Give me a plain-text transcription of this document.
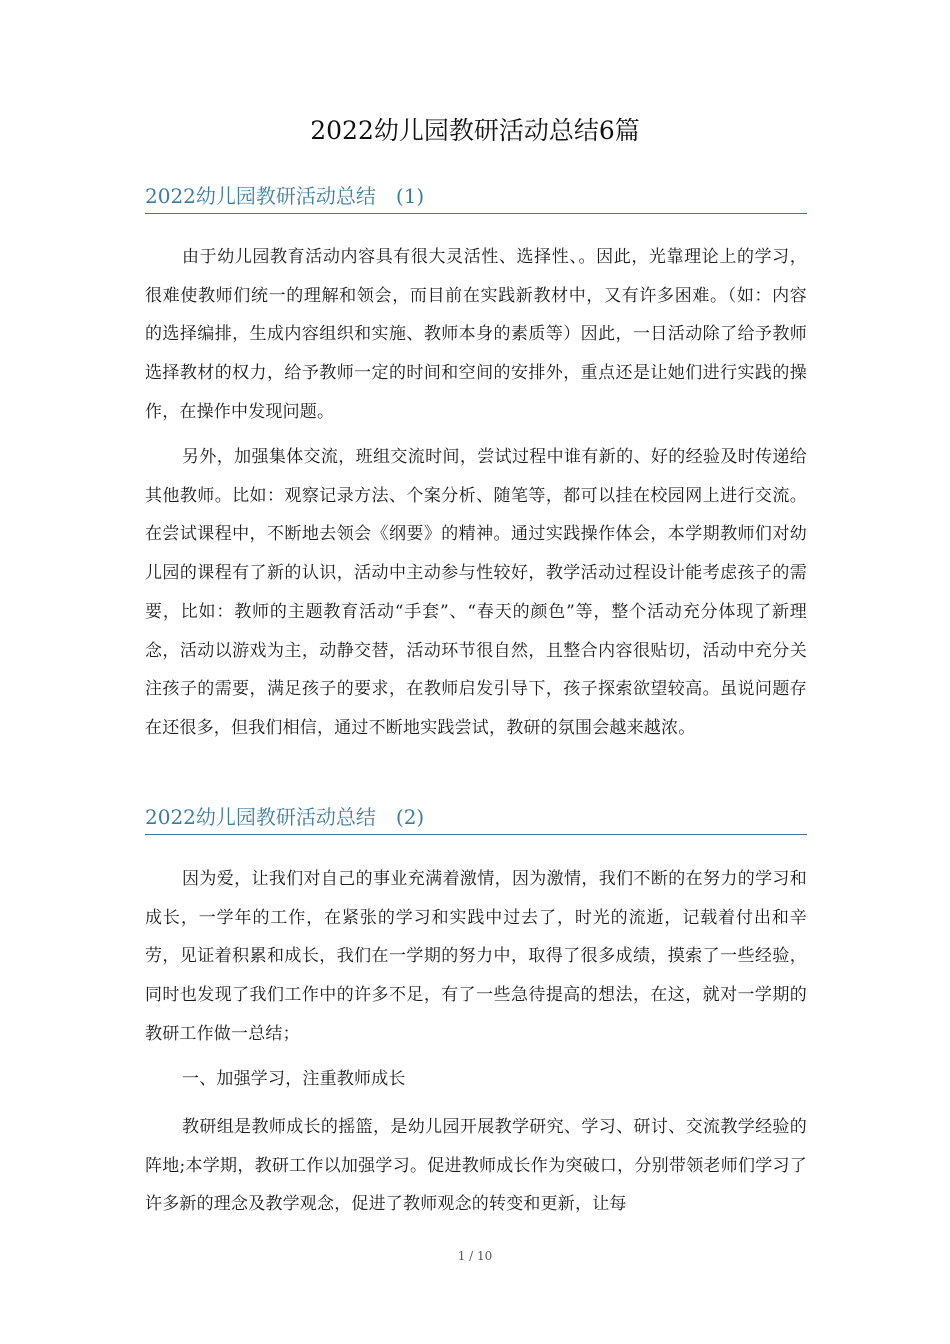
2022幼儿园教研活动总结6篇
2022幼儿园教研活动总结　(1)

由于幼儿园教育活动内容具有很大灵活性、选择性、。因此，光靠理论上的学习，很难使教师们统一的理解和领会，而目前在实践新教材中，又有许多困难。（如：内容的选择编排，生成内容组织和实施、教师本身的素质等）因此，一日活动除了给予教师选择教材的权力，给予教师一定的时间和空间的安排外，重点还是让她们进行实践的操作，在操作中发现问题。

另外，加强集体交流，班组交流时间，尝试过程中谁有新的、好的经验及时传递给其他教师。比如：观察记录方法、个案分析、随笔等，都可以挂在校园网上进行交流。在尝试课程中，不断地去领会《纲要》的精神。通过实践操作体会，本学期教师们对幼儿园的课程有了新的认识，活动中主动参与性较好，教学活动过程设计能考虑孩子的需要，比如：教师的主题教育活动“手套”、“春天的颜色”等，整个活动充分体现了新理念，活动以游戏为主，动静交替，活动环节很自然，且整合内容很贴切，活动中充分关注孩子的需要，满足孩子的要求，在教师启发引导下，孩子探索欲望较高。虽说问题存在还很多，但我们相信，通过不断地实践尝试，教研的氛围会越来越浓。

2022幼儿园教研活动总结　(2)

因为爱，让我们对自己的事业充满着激情，因为激情，我们不断的在努力的学习和成长，一学年的工作，在紧张的学习和实践中过去了，时光的流逝，记载着付出和辛劳，见证着积累和成长，我们在一学期的努力中，取得了很多成绩，摸索了一些经验，同时也发现了我们工作中的许多不足，有了一些急待提高的想法，在这，就对一学期的教研工作做一总结；

一、加强学习，注重教师成长

教研组是教师成长的摇篮，是幼儿园开展教学研究、学习、研讨、交流教学经验的阵地;本学期，教研工作以加强学习。促进教师成长作为突破口，分别带领老师们学习了许多新的理念及教学观念，促进了教师观念的转变和更新，让每

1 / 10
